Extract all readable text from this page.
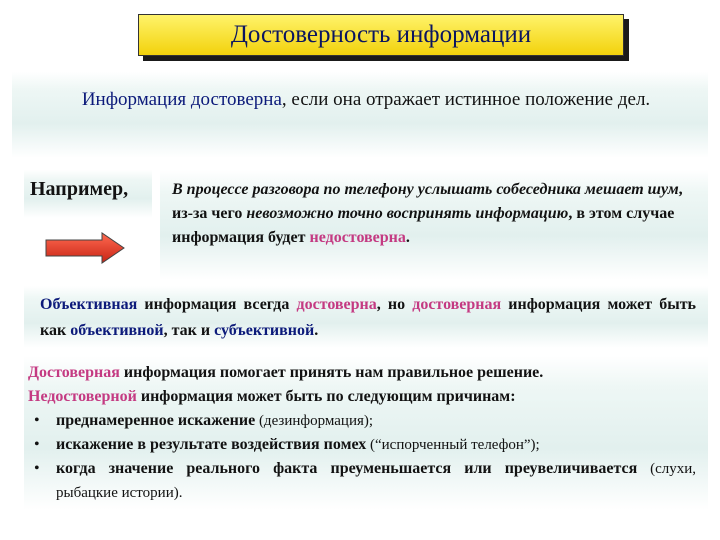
Достоверность информации
Информация достоверна, если она отражает истинное положение дел.
Например,	В процессе разговора по телефону услышать собеседника мешает шум, из-за чего невозможно точно воспринять информацию, в этом случае информация будет недостоверна.
Объективная информация всегда достоверна, но достоверная информация может быть как объективной, так и субъективной.
Достоверная информация помогает принять нам правильное решение.
Недостоверной информация может быть по следующим причинам:
• преднамеренное искажение (дезинформация);
• искажение в результате воздействия помех (“испорченный телефон”);
• когда значение реального факта преуменьшается или преувеличивается (слухи, рыбацкие истории).
